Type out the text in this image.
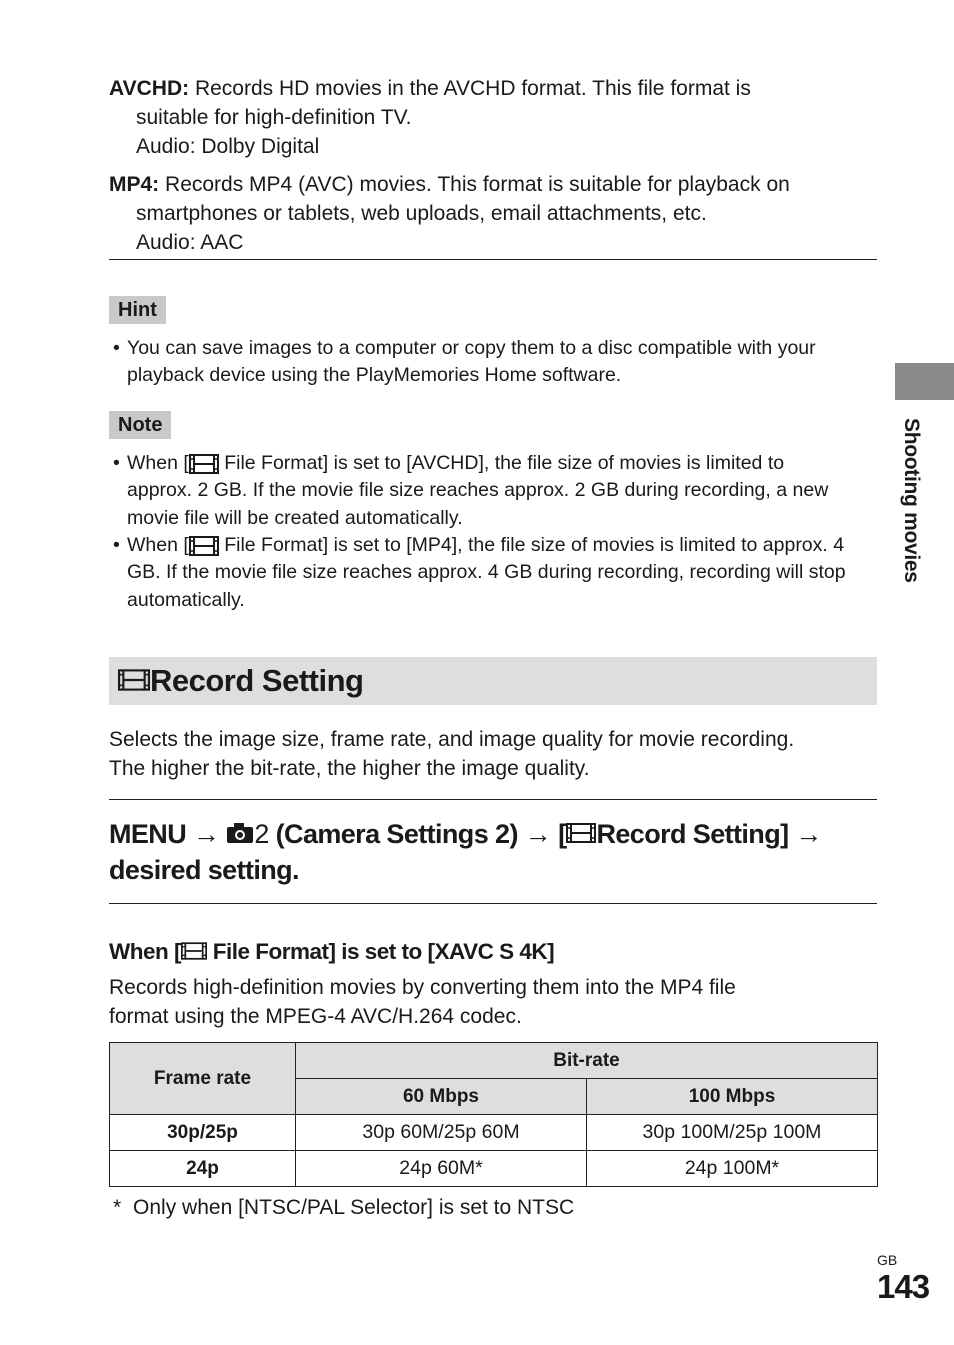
AVCHD: Records HD movies in the AVCHD format. This file format is
suitable for high-definition TV.
Audio: Dolby Digital
MP4: Records MP4 (AVC) movies. This format is suitable for playback on
smartphones or tablets, web uploads, email attachments, etc.
Audio: AAC
Hint
• You can save images to a computer or copy them to a disc compatible with your playback device using the PlayMemories Home software.
Note
• When [ File Format] is set to [AVCHD], the file size of movies is limited to approx. 2 GB. If the movie file size reaches approx. 2 GB during recording, a new movie file will be created automatically.
• When [ File Format] is set to [MP4], the file size of movies is limited to approx. 4 GB. If the movie file size reaches approx. 4 GB during recording, recording will stop automatically.
Record Setting
Selects the image size, frame rate, and image quality for movie recording.
The higher the bit-rate, the higher the image quality.
MENU → 2 (Camera Settings 2) → [ Record Setting] →
desired setting.
When [ File Format] is set to [XAVC S 4K]
Records high-definition movies by converting them into the MP4 file
format using the MPEG-4 AVC/H.264 codec.
Frame rate	Bit-rate	
	60 Mbps	100 Mbps
30p/25p	30p 60M/25p 60M	30p 100M/25p 100M
24p	24p 60M*	24p 100M*
* Only when [NTSC/PAL Selector] is set to NTSC
Shooting movies
GB
143
